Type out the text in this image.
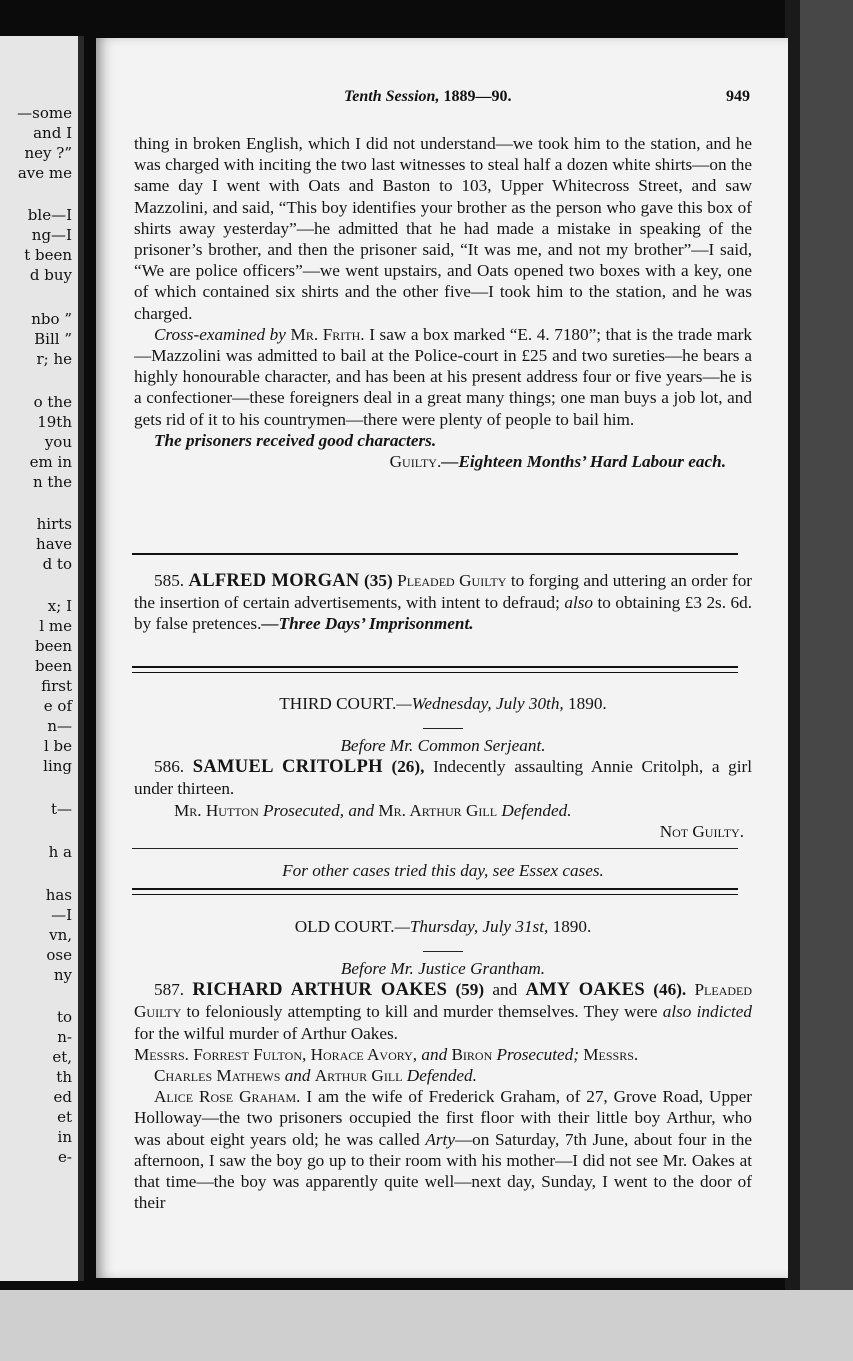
—some
and I
ney ?”
ave me
ble—I
ng—I
t been
d buy
nbo ”
Bill ”
r; he
o the
19th
you
em in
n the
hirts
have
d to
x; I
l me
been
been
first
e of
n—
l be
ling
t—
h a
has
—I
vn,
ose
ny
to
n-
et,
th
ed
et
in
e-
Tenth Session, 1889—90.	949

thing in broken English, which I did not understand—we took him to the station, and he was charged with inciting the two last witnesses to steal half a dozen white shirts—on the same day I went with Oats and Baston to 103, Upper Whitecross Street, and saw Mazzolini, and said, “This boy identifies your brother as the person who gave this box of shirts away yesterday”—he admitted that he had made a mistake in speaking of the prisoner’s brother, and then the prisoner said, “It was me, and not my brother”—I said, “We are police officers”—we went upstairs, and Oats opened two boxes with a key, one of which contained six shirts and the other five—I took him to the station, and he was charged.

Cross-examined by Mr. Frith. I saw a box marked “E. 4. 7180”; that is the trade mark—Mazzolini was admitted to bail at the Police-court in £25 and two sureties—he bears a highly honourable character, and has been at his present address four or five years—he is a confectioner—these foreigners deal in a great many things; one man buys a job lot, and gets rid of it to his countrymen—there were plenty of people to bail him.

The prisoners received good characters.

Guilty.—Eighteen Months’ Hard Labour each.

585. ALFRED MORGAN (35) Pleaded Guilty to forging and uttering an order for the insertion of certain advertisements, with intent to defraud; also to obtaining £3 2s. 6d. by false pretences.—Three Days’ Imprisonment.

THIRD COURT.—Wednesday, July 30th, 1890.

Before Mr. Common Serjeant.

586. SAMUEL CRITOLPH (26), Indecently assaulting Annie Critolph, a girl under thirteen.

Mr. Hutton Prosecuted, and Mr. Arthur Gill Defended.

Not Guilty.

For other cases tried this day, see Essex cases.

OLD COURT.—Thursday, July 31st, 1890.

Before Mr. Justice Grantham.

587. RICHARD ARTHUR OAKES (59) and AMY OAKES (46). Pleaded Guilty to feloniously attempting to kill and murder themselves. They were also indicted for the wilful murder of Arthur Oakes.

Messrs. Forrest Fulton, Horace Avory, and Biron Prosecuted; Messrs.

Charles Mathews and Arthur Gill Defended.

Alice Rose Graham. I am the wife of Frederick Graham, of 27, Grove Road, Upper Holloway—the two prisoners occupied the first floor with their little boy Arthur, who was about eight years old; he was called Arty—on Saturday, 7th June, about four in the afternoon, I saw the boy go up to their room with his mother—I did not see Mr. Oakes at that time—the boy was apparently quite well—next day, Sunday, I went to the door of their
